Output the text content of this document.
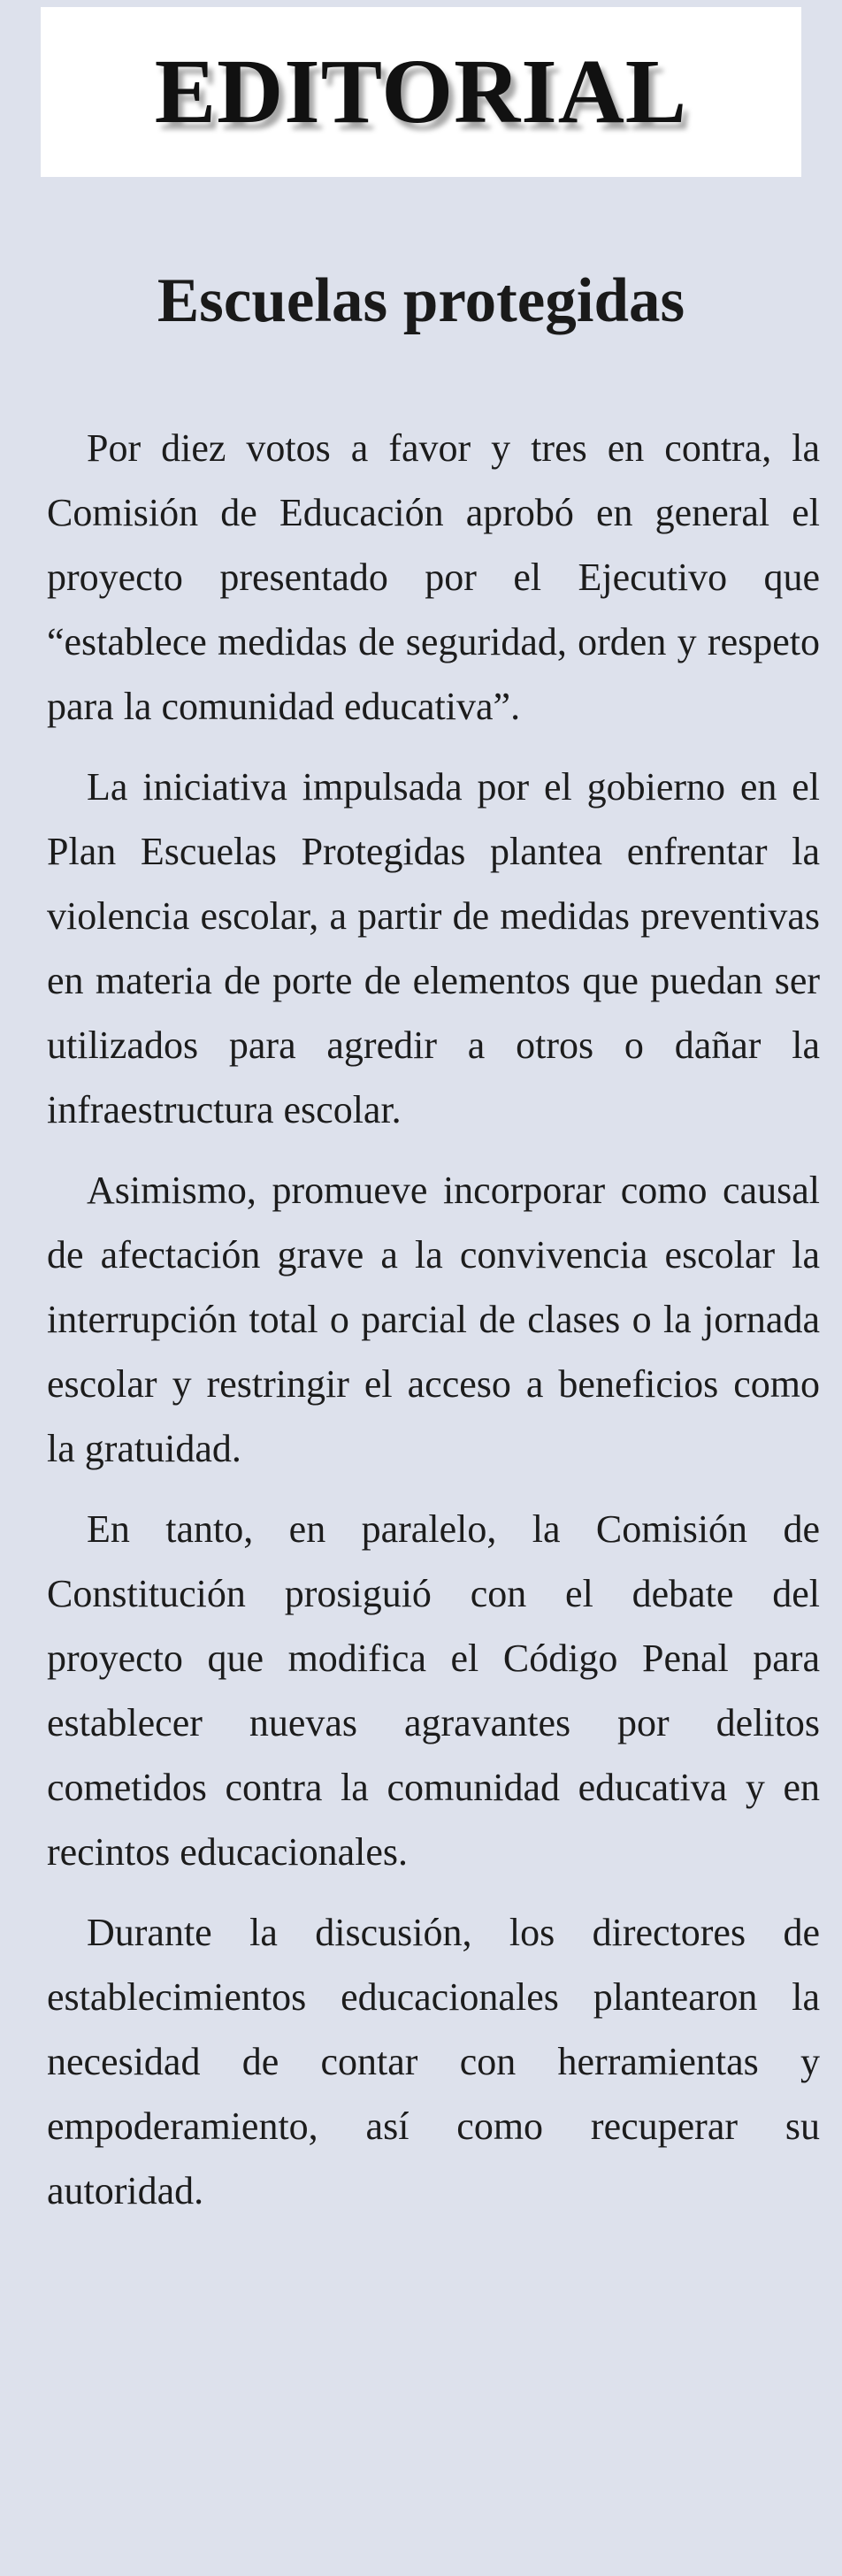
EDITORIAL
Escuelas protegidas

Por diez votos a favor y tres en contra, la Comisión de Educación aprobó en general el proyecto presentado por el Ejecutivo que “establece medidas de seguridad, orden y respeto para la comunidad educativa”.

La iniciativa impulsada por el gobierno en el Plan Escuelas Protegidas plantea enfrentar la violencia escolar, a partir de medidas preventivas en materia de porte de elementos que puedan ser utilizados para agredir a otros o dañar la infraestructura escolar.

Asimismo, promueve incorporar como causal de afectación grave a la convivencia escolar la interrupción total o parcial de clases o la jornada escolar y restringir el acceso a beneficios como la gratuidad.

En tanto, en paralelo, la Comisión de Constitución prosiguió con el debate del proyecto que modifica el Código Penal para establecer nuevas agravantes por delitos cometidos contra la comunidad educativa y en recintos educacionales.

Durante la discusión, los directores de establecimientos educacionales plantearon la necesidad de contar con herramientas y empoderamiento, así como recuperar su autoridad.
